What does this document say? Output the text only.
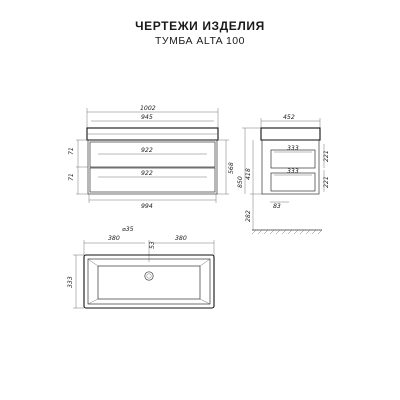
ЧЕРТЕЖИ ИЗДЕЛИЯ
ТУМБА ALTA 100
1002
945
922
922
71
71
568
994
452
333
333
221
221
83
418
850
282
380	380
⌀35
53
333
